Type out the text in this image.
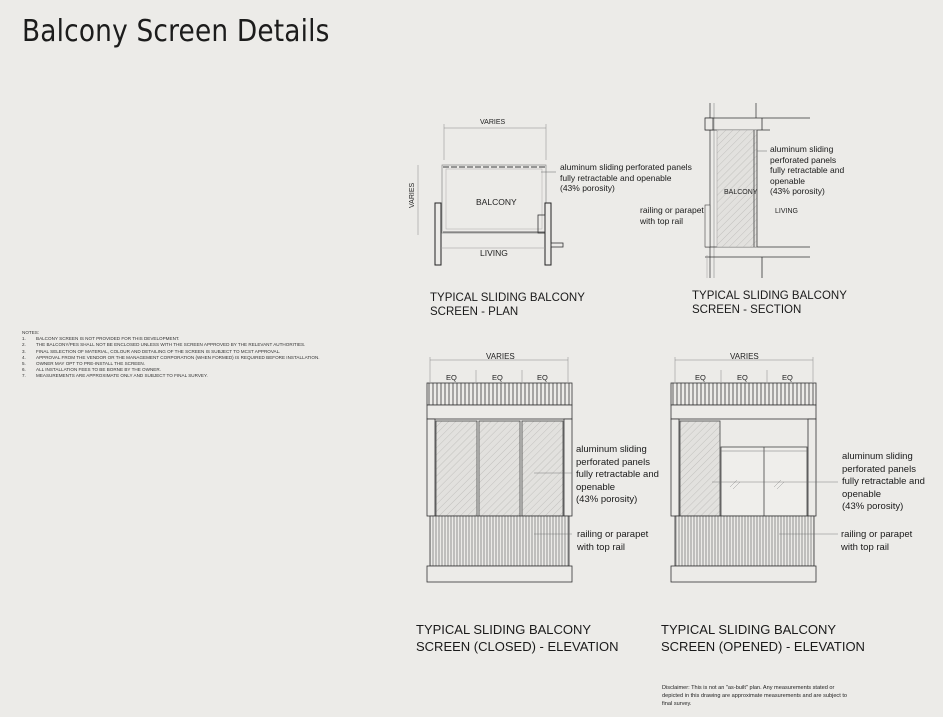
Balcony Screen Details
NOTES:
1. BALCONY SCREEN IS NOT PROVIDED FOR THIS DEVELOPMENT.
2. THE BALCONY/PES SHALL NOT BE ENCLOSED UNLESS WITH THE SCREEN APPROVED BY THE RELEVANT AUTHORITIES.
3. FINAL SELECTION OF MATERIAL, COLOUR AND DETAILING OF THE SCREEN IS SUBJECT TO MCST APPROVAL.
4. APPROVAL FROM THE VENDOR OR THE MANAGEMENT CORPORATION (WHEN FORMED) IS REQUIRED BEFORE INSTALLATION.
5. OWNER MAY OPT TO PRE-INSTALL THE SCREEN.
6. ALL INSTALLATION FEES TO BE BORNE BY THE OWNER.
7. MEASUREMENTS ARE APPROXIMATE ONLY AND SUBJECT TO FINAL SURVEY.
VARIES
VARIES	BALCONY
LIVING
BALCONY
LIVING
VARIES
EQ	EQ	EQ
VARIES
EQ	EQ	EQ
aluminum sliding perforated panels
fully retractable and openable
(43% porosity)
TYPICAL SLIDING BALCONY
SCREEN - PLAN
aluminum sliding
perforated panels
fully retractable and
openable
(43% porosity)
railing or parapet
with top rail
TYPICAL SLIDING BALCONY
SCREEN - SECTION
aluminum sliding
perforated panels
fully retractable and
openable
(43% porosity)
railing or parapet
with top rail
TYPICAL SLIDING BALCONY
SCREEN (CLOSED) - ELEVATION
aluminum sliding
perforated panels
fully retractable and
openable
(43% porosity)
railing or parapet
with top rail
TYPICAL SLIDING BALCONY
SCREEN (OPENED) - ELEVATION
Disclaimer: This is not an "as-built" plan. Any measurements stated or depicted in this drawing are approximate measurements and are subject to final survey.
